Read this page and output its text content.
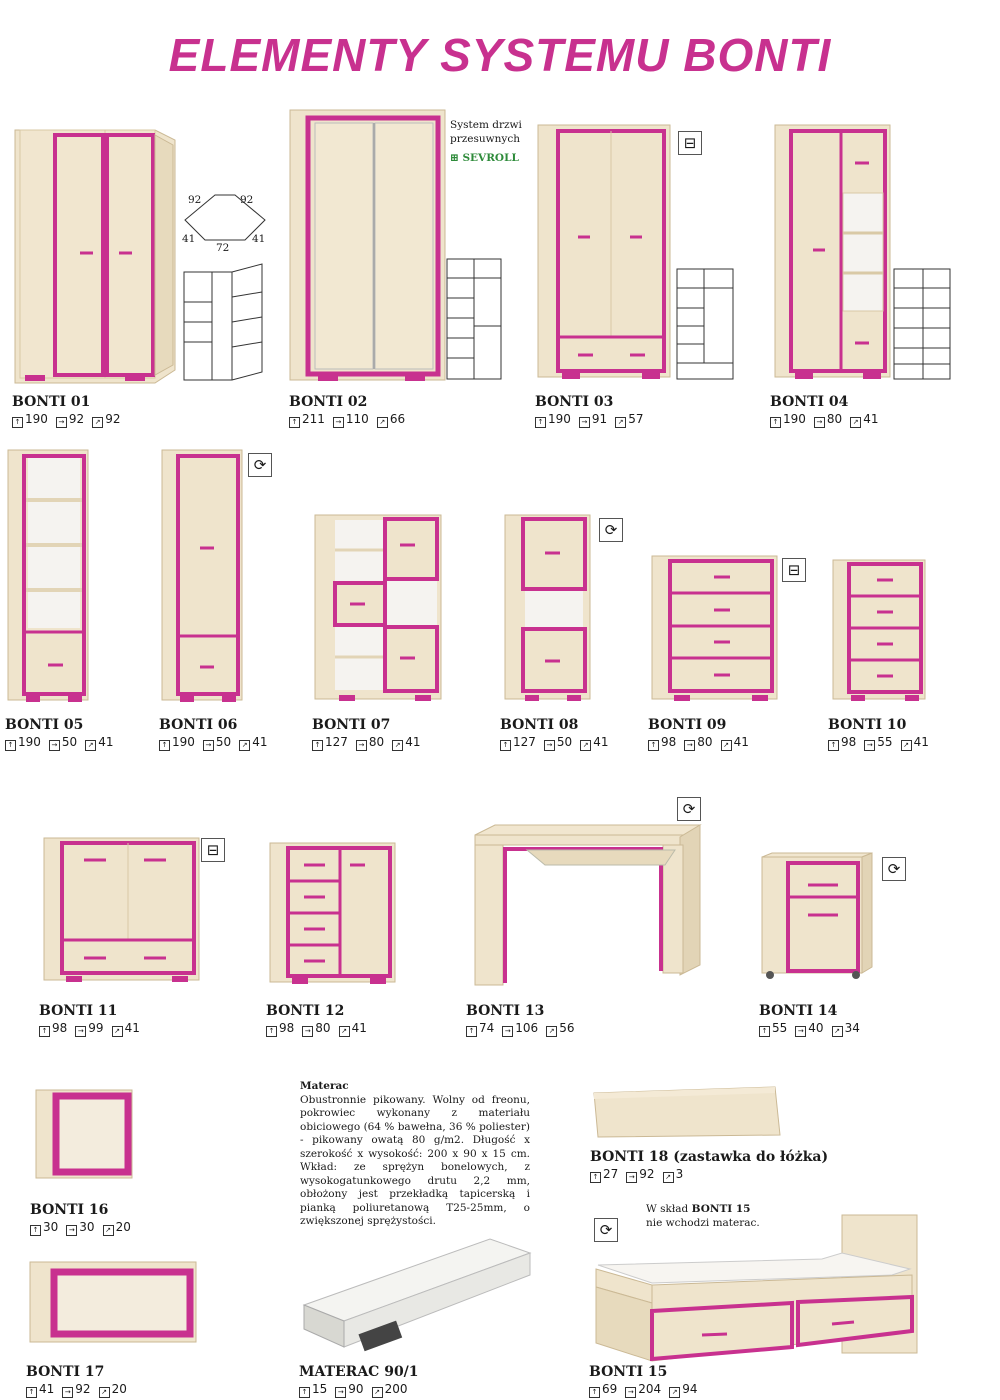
ELEMENTY SYSTEMU BONTI
92	92
41	41
72
BONTI 01
↑ 190 → 92 ↗ 92
System drzwi
przesuwnych
⊞ SEVROLL
BONTI 02
↑ 211 → 110 ↗ 66
⊟
BONTI 03
↑ 190 → 91 ↗ 57
BONTI 04
↑ 190 → 80 ↗ 41
BONTI 05
↑ 190 → 50 ↗ 41
⟳
BONTI 06
↑ 190 → 50 ↗ 41
BONTI 07
↑ 127 → 80 ↗ 41
⟳
BONTI 08
↑ 127 → 50 ↗ 41
⊟
BONTI 09
↑ 98 → 80 ↗ 41
BONTI 10
↑ 98 → 55 ↗ 41
⊟
BONTI 11
↑ 98 → 99 ↗ 41
BONTI 12
↑ 98 → 80 ↗ 41
⟳
BONTI 13
↑ 74 → 106 ↗ 56
⟳
BONTI 14
↑ 55 → 40 ↗ 34
BONTI 16
↑ 30 → 30 ↗ 20
BONTI 17
↑ 41 → 92 ↗ 20
Materac
Obustronnie pikowany. Wolny od freonu, pokrowiec wykonany z materiału obiciowego (64 % bawełna, 36 % poliester) - pikowany owatą 80 g/m2. Długość x szerokość x wysokość: 200 x 90 x 15 cm. Wkład: ze sprężyn bonelowych, z wysokogatunkowego drutu 2,2 mm, obłożony jest przekładką tapicerską i pianką poliuretanową T25-25mm, o zwiększonej sprężystości.
MATERAC 90/1
↑ 15 → 90 ↗ 200
BONTI 18 (zastawka do łóżka)
↑ 27 → 92 ↗ 3
⟳
W skład BONTI 15
nie wchodzi materac.
BONTI 15
↑ 69 → 204 ↗ 94
